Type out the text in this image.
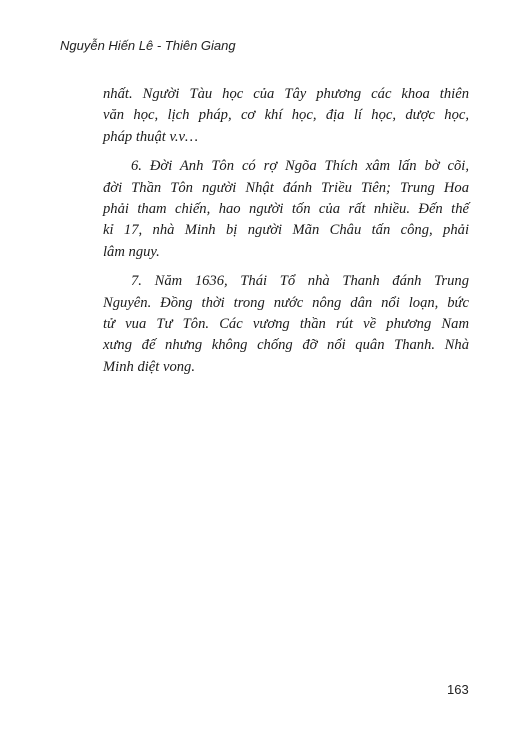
Nguyễn Hiến Lê - Thiên Giang

nhất. Người Tàu học của Tây phương các khoa thiên
văn học, lịch pháp, cơ khí học, địa lí học, dược học,
pháp thuật v.v…

6. Đời Anh Tôn có rợ Ngõa Thích xâm lấn bờ cõi,
đời Thần Tôn người Nhật đánh Triều Tiên; Trung Hoa
phải tham chiến, hao người tốn của rất nhiều. Đến thế
kỉ 17, nhà Minh bị người Mãn Châu tấn công, phải
lâm nguy.

7. Năm 1636, Thái Tổ nhà Thanh đánh Trung
Nguyên. Đồng thời trong nước nông dân nổi loạn, bức
tử vua Tư Tôn. Các vương thần rút về phương Nam
xưng đế nhưng không chống đỡ nổi quân Thanh. Nhà
Minh diệt vong.

163
